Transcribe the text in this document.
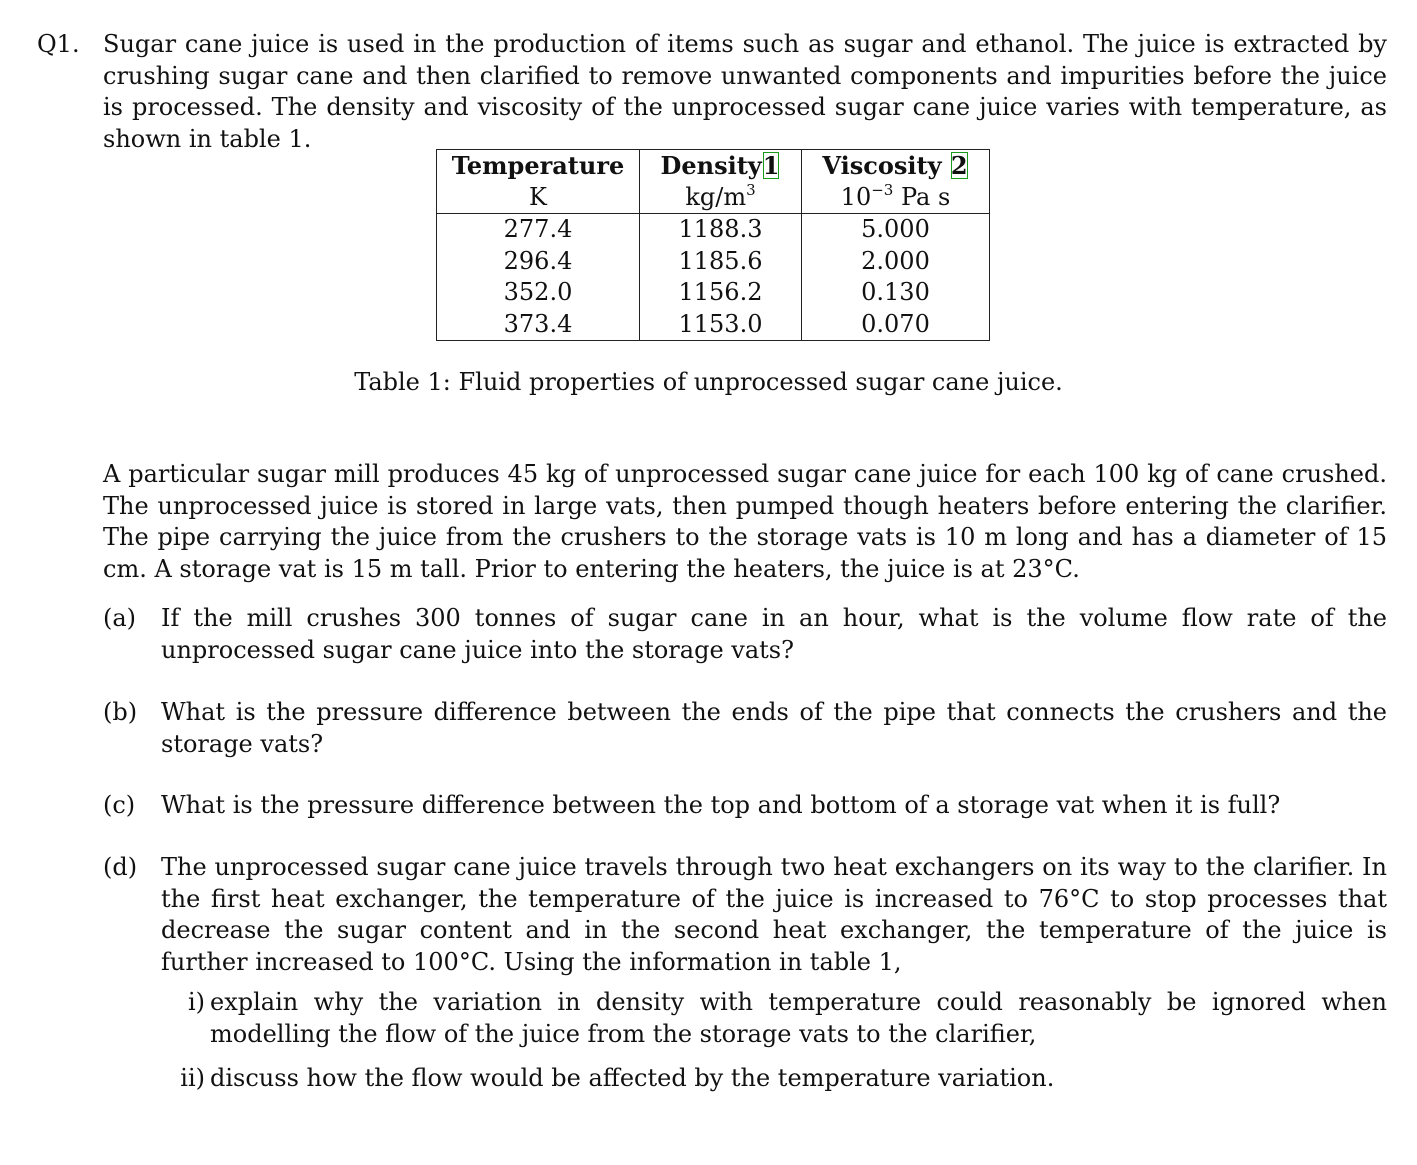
Q1. Sugar cane juice is used in the production of items such as sugar and ethanol. The juice is extracted by crushing sugar cane and then clarified to remove unwanted components and impurities before the juice is processed. The density and viscosity of the unprocessed sugar cane juice varies with temperature, as shown in table 1.
Temperature	Density1	Viscosity 2
K	$kg/m^3$	$10^{-3}$ Pa s
277.4	1188.3	5.000
296.4	1185.6	2.000
352.0	1156.2	0.130
373.4	1153.0	0.070
Table 1: Fluid properties of unprocessed sugar cane juice.
A particular sugar mill produces 45 kg of unprocessed sugar cane juice for each 100 kg of cane crushed. The unprocessed juice is stored in large vats, then pumped though heaters before entering the clarifier. The pipe carrying the juice from the crushers to the storage vats is 10 m long and has a diameter of 15 cm. A storage vat is 15 m tall. Prior to entering the heaters, the juice is at 23°C.
(a)	If the mill crushes 300 tonnes of sugar cane in an hour, what is the volume flow rate of the unprocessed sugar cane juice into the storage vats?
(b) What is the pressure difference between the ends of the pipe that connects the crushers and the storage vats?
(c)	What is the pressure difference between the top and bottom of a storage vat when it is full?
(d) The unprocessed sugar cane juice travels through two heat exchangers on its way to the clarifier. In the first heat exchanger, the temperature of the juice is increased to 76°C to stop processes that decrease the sugar content and in the second heat exchanger, the temperature of the juice is further increased to 100°C. Using the information in table 1,
i) explain why the variation in density with temperature could reasonably be ignored when modelling the flow of the juice from the storage vats to the clarifier,
ii) discuss how the flow would be affected by the temperature variation.
